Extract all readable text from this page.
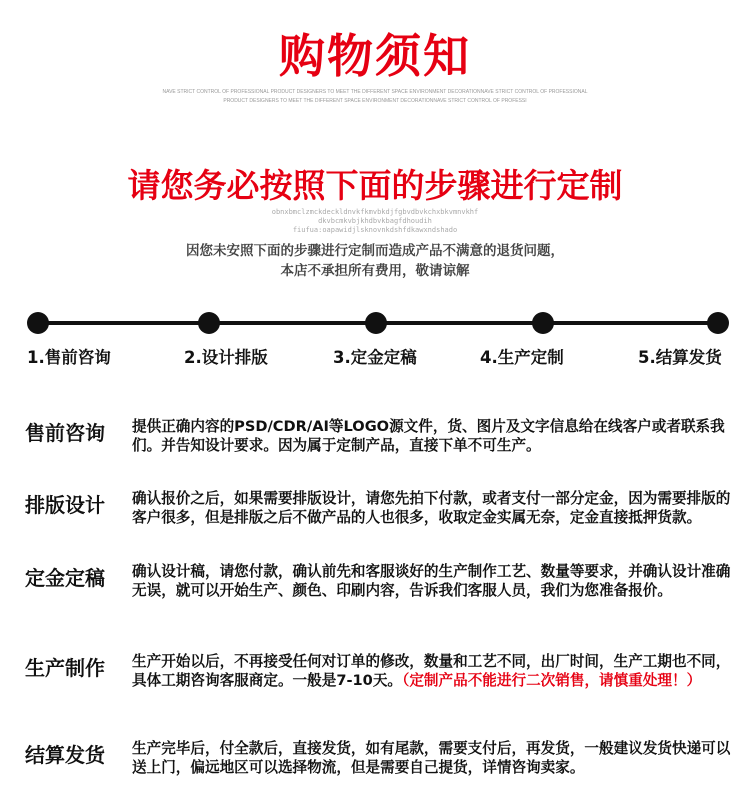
购物须知
NAVE STRICT CONTROL OF PROFESSIONAL PRODUCT DESIGNERS TO MEET THE DIFFERENT SPACE ENVIRONMENT DECORATIONNAVE STRICT CONTROL OF PROFESSIONAL
PRODUCT DESIGNERS TO MEET THE DIFFERENT SPACE ENVIRONMENT DECORATIONNAVE STRICT CONTROL OF PROFESSI
请您务必按照下面的步骤进行定制
obnxbmclzmckdeckldnvkfkmvbkdjfgbvdbvkchxbkvmnvkhf
dkvbcmkvbjkhdbvkbagfdhoudih
fiufua:oapawidjlsknovnkdshfdkawxndshado
因您未安照下面的步骤进行定制而造成产品不满意的退货问题，
本店不承担所有费用，敬请谅解
1.售前咨询	2.设计排版	3.定金定稿	4.生产定制	5.结算发货
售前咨询 提供正确内容的PSD/CDR/AI等LOGO源文件，货、图片及文字信息给在线客户或者联系我们。并告知设计要求。因为属于定制产品，直接下单不可生产。
排版设计 确认报价之后，如果需要排版设计，请您先拍下付款，或者支付一部分定金，因为需要排版的客户很多，但是排版之后不做产品的人也很多，收取定金实属无奈，定金直接抵押货款。
定金定稿 确认设计稿，请您付款，确认前先和客服谈好的生产制作工艺、数量等要求，并确认设计准确无误，就可以开始生产、颜色、印刷内容，告诉我们客服人员，我们为您准备报价。
生产制作 生产开始以后，不再接受任何对订单的修改，数量和工艺不同，出厂时间，生产工期也不同，具体工期咨询客服商定。一般是7-10天。（定制产品不能进行二次销售，请慎重处理！）
结算发货 生产完毕后，付全款后，直接发货，如有尾款，需要支付后，再发货，一般建议发货快递可以送上门，偏远地区可以选择物流，但是需要自己提货，详情咨询卖家。
